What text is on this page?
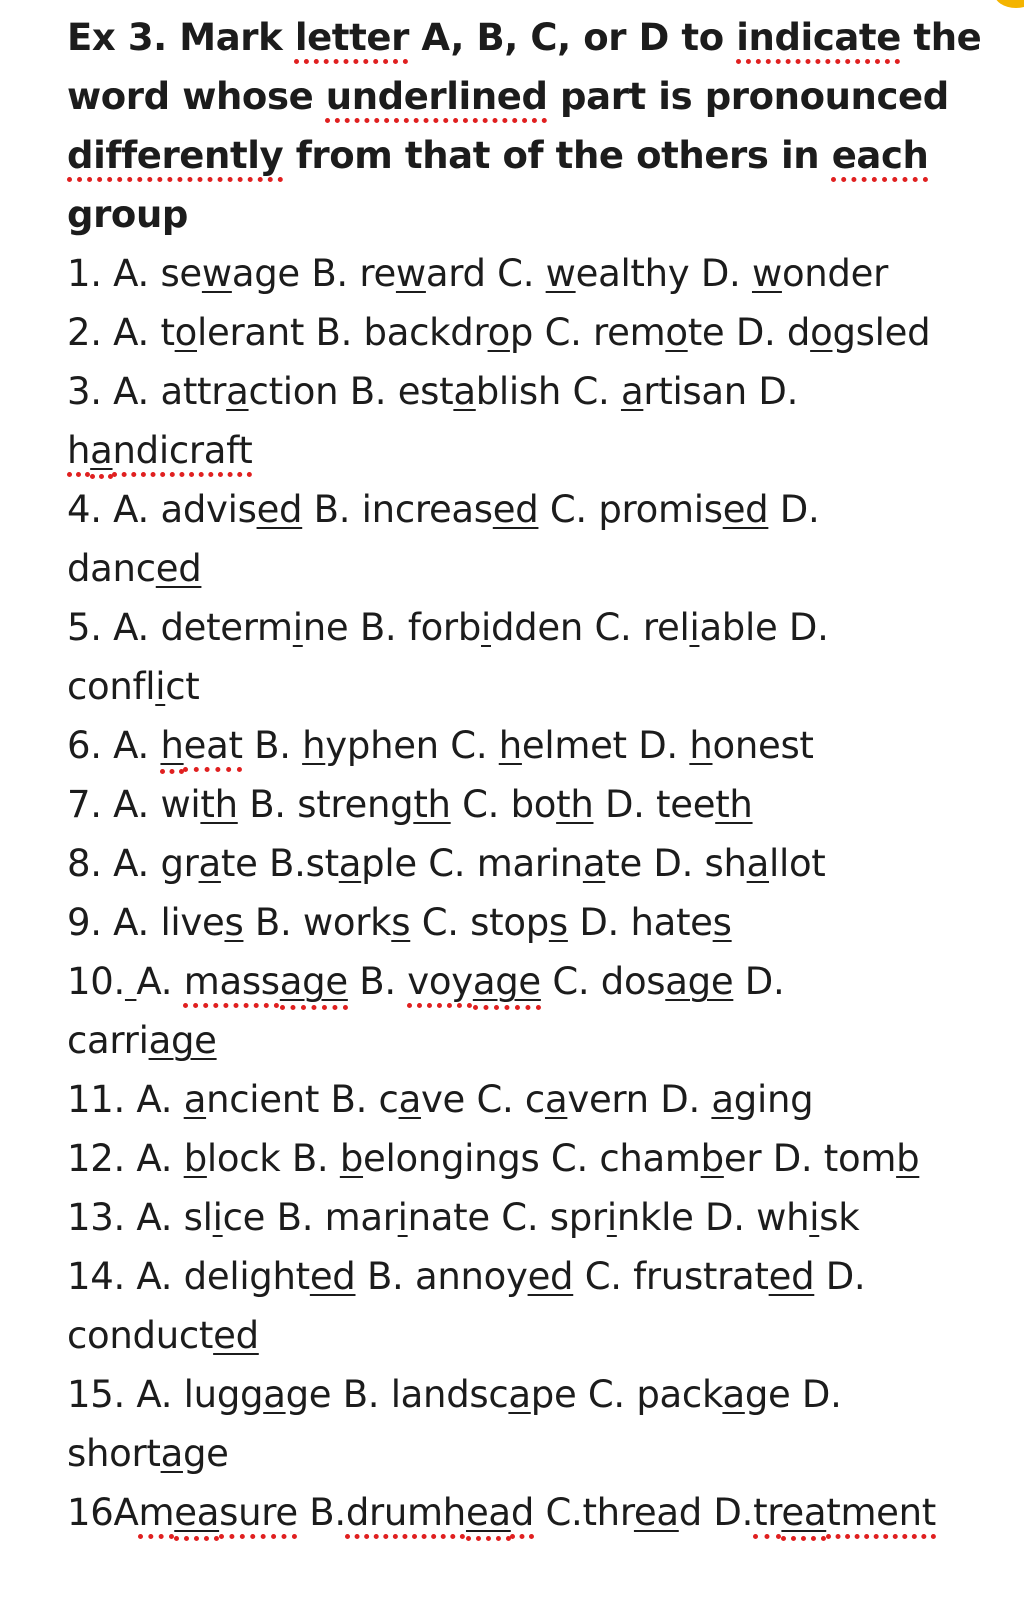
Ex 3. Mark letter A, B, C, or D to indicate the
word whose underlined part is pronounced
differently from that of the others in each
group
1. A. sewage B. reward C. wealthy D. wonder
2. A. tolerant B. backdrop C. remote D. dogsled
3. A. attraction B. establish C. artisan D.
handicraft
4. A. advised B. increased C. promised D.
danced
5. A. determine B. forbidden C. reliable D.
conflict
6. A. heat B. hyphen C. helmet D. honest
7. A. with B. strength C. both D. teeth
8. A. grate B.staple C. marinate D. shallot
9. A. lives B. works C. stops D. hates
10. A. massage B. voyage C. dosage D.
carriage
11. A. ancient B. cave C. cavern D. aging
12. A. block B. belongings C. chamber D. tomb
13. A. slice B. marinate C. sprinkle D. whisk
14. A. delighted B. annoyed C. frustrated D.
conducted
15. A. luggage B. landscape C. package D.
shortage
16Ameasure B.drumhead C.thread D.treatment
